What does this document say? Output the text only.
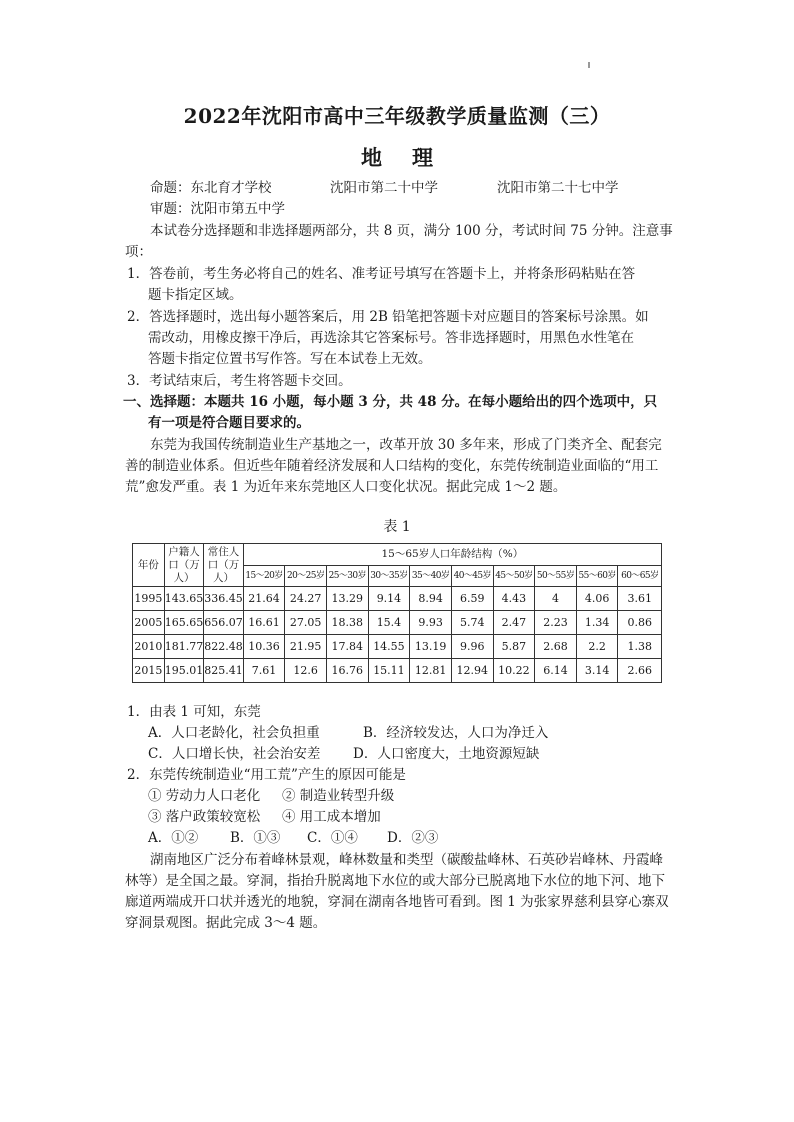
2022年沈阳市高中三年级教学质量监测（三）
地理
命题：东北育才学校	沈阳市第二十中学	沈阳市第二十七中学
审题：沈阳市第五中学
本试卷分选择题和非选择题两部分，共 8 页，满分 100 分，考试时间 75 分钟。注意事
项：
1．答卷前，考生务必将自己的姓名、准考证号填写在答题卡上，并将条形码粘贴在答
题卡指定区域。
2．答选择题时，选出每小题答案后，用 2B 铅笔把答题卡对应题目的答案标号涂黑。如
需改动，用橡皮擦干净后，再选涂其它答案标号。答非选择题时，用黑色水性笔在
答题卡指定位置书写作答。写在本试卷上无效。
3．考试结束后，考生将答题卡交回。
一、选择题：本题共 16 小题，每小题 3 分，共 48 分。在每小题给出的四个选项中，只
有一项是符合题目要求的。
东莞为我国传统制造业生产基地之一，改革开放 30 多年来，形成了门类齐全、配套完
善的制造业体系。但近些年随着经济发展和人口结构的变化，东莞传统制造业面临的“用工
荒”愈发严重。表 1 为近年来东莞地区人口变化状况。据此完成 1～2 题。
表 1
年份	户籍人口（万人）	常住人口（万人）	15～65岁人口年龄结构（%）									
			15～20岁	20～25岁	25～30岁	30～35岁	35～40岁	40～45岁	45～50岁	50～55岁	55～60岁	60～65岁
1995	143.65	336.45	21.64	24.27	13.29	9.14	8.94	6.59	4.43	4	4.06	3.61
2005	165.65	656.07	16.61	27.05	18.38	15.4	9.93	5.74	2.47	2.23	1.34	0.86
2010	181.77	822.48	10.36	21.95	17.84	14.55	13.19	9.96	5.87	2.68	2.2	1.38
2015	195.01	825.41	7.61	12.6	16.76	15.11	12.81	12.94	10.22	6.14	3.14	2.66
1．由表 1 可知，东莞
A．人口老龄化，社会负担重	B．经济较发达，人口为净迁入
C．人口增长快，社会治安差 D．人口密度大，土地资源短缺
2．东莞传统制造业“用工荒”产生的原因可能是
① 劳动力人口老化 ② 制造业转型升级
③ 落户政策较宽松 ④ 用工成本增加
A．①② B．①③ C．①④ D．②③
湖南地区广泛分布着峰林景观，峰林数量和类型（碳酸盐峰林、石英砂岩峰林、丹霞峰
林等）是全国之最。穿洞，指抬升脱离地下水位的或大部分已脱离地下水位的地下河、地下
廊道两端成开口状并透光的地貌，穿洞在湖南各地皆可看到。图 1 为张家界慈利县穿心寨双
穿洞景观图。据此完成 3～4 题。
